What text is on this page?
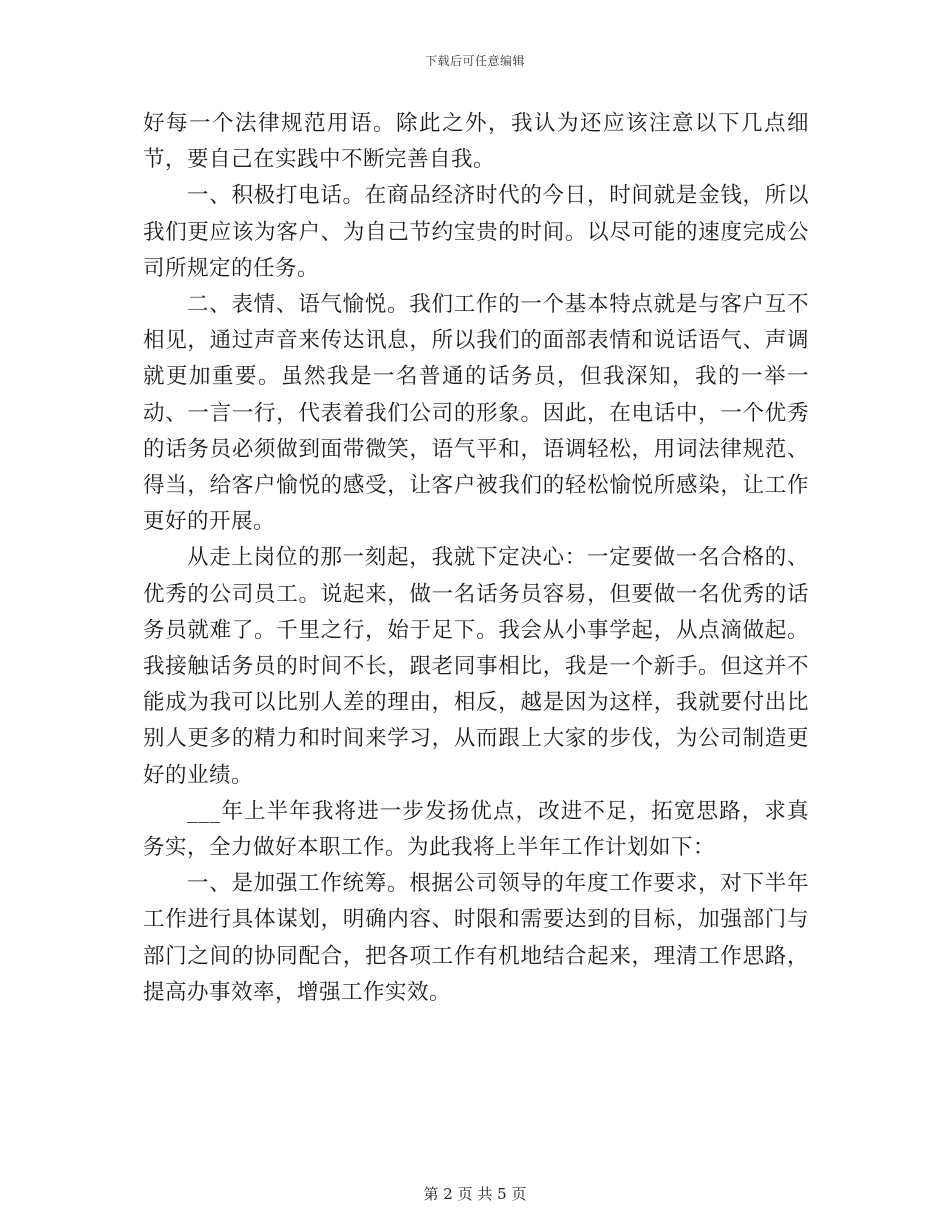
下载后可任意编辑

好每一个法律规范用语。除此之外，我认为还应该注意以下几点细节，要自己在实践中不断完善自我。

一、积极打电话。在商品经济时代的今日，时间就是金钱，所以我们更应该为客户、为自己节约宝贵的时间。以尽可能的速度完成公司所规定的任务。

二、表情、语气愉悦。我们工作的一个基本特点就是与客户互不相见，通过声音来传达讯息，所以我们的面部表情和说话语气、声调就更加重要。虽然我是一名普通的话务员，但我深知，我的一举一动、一言一行，代表着我们公司的形象。因此，在电话中，一个优秀的话务员必须做到面带微笑，语气平和，语调轻松，用词法律规范、得当，给客户愉悦的感受，让客户被我们的轻松愉悦所感染，让工作更好的开展。

从走上岗位的那一刻起，我就下定决心：一定要做一名合格的、优秀的公司员工。说起来，做一名话务员容易，但要做一名优秀的话务员就难了。千里之行，始于足下。我会从小事学起，从点滴做起。我接触话务员的时间不长，跟老同事相比，我是一个新手。但这并不能成为我可以比别人差的理由，相反，越是因为这样，我就要付出比别人更多的精力和时间来学习，从而跟上大家的步伐，为公司制造更好的业绩。

___年上半年我将进一步发扬优点，改进不足，拓宽思路，求真务实，全力做好本职工作。为此我将上半年工作计划如下：

一、是加强工作统筹。根据公司领导的年度工作要求，对下半年工作进行具体谋划，明确内容、时限和需要达到的目标，加强部门与部门之间的协同配合，把各项工作有机地结合起来，理清工作思路，提高办事效率，增强工作实效。

第 2 页 共 5 页
